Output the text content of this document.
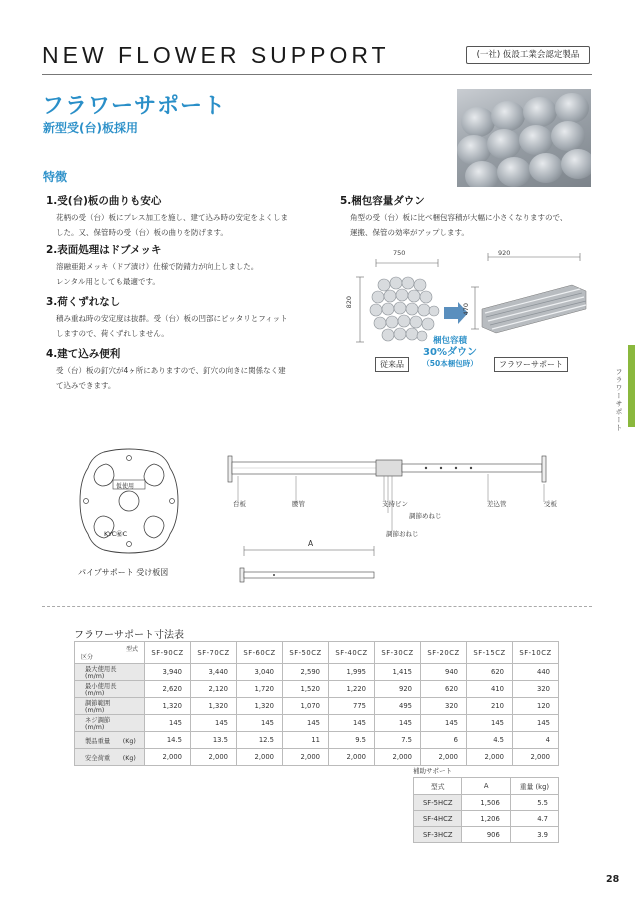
NEW FLOWER SUPPORT	(一社) 仮設工業会認定製品
フラワーサポート
新型受(台)板採用
特徴
1.受(台)板の曲りも安心
花柄の受（台）板にプレス加工を施し、建て込み時の安定をよくしま
した。又、保管時の受（台）板の曲りを防げます。
2.表面処理はドブメッキ
溶融亜鉛メッキ（ドブ漬け）仕様で防錆力が向上しました。
レンタル用としても最適です。
3.荷くずれなし
積み重ね時の安定度は抜群。受（台）板の凹部にピッタリとフィット
しますので、荷くずれしません。
4.建て込み便利
受（台）板の釘穴が4ヶ所にありますので、釘穴の向きに関係なく建
て込みできます。
5.梱包容量ダウン
角型の受（台）板に比べ梱包容積が大幅に小さくなりますので、
運搬、保管の効率がアップします。
750
820
920
470
従来品	フラワーサポート
梱包容積
30%ダウン
（50本梱包時）
フラワーサポート
仮使用
KYC㊙C
パイプサポート 受け板図
台板	腰管	支持ピン
調節めねじ
調節おねじ
差込管	受板
A
フラワーサポート寸法表
型式
区分	SF-90CZ	SF-70CZ	SF-60CZ	SF-50CZ	SF-40CZ	SF-30CZ	SF-20CZ	SF-15CZ	SF-10CZ
最大使用長　(m/m)	3,940	3,440	3,040	2,590	1,995	1,415	940	620	440
最小使用長　(m/m)	2,620	2,120	1,720	1,520	1,220	920	620	410	320
調節範囲　　(m/m)	1,320	1,320	1,320	1,070	775	495	320	210	120
ネジ調節　　(m/m)	145	145	145	145	145	145	145	145	145
製品重量　　(Kg)	14.5	13.5	12.5	11	9.5	7.5	6	4.5	4
安全荷重　　(Kg)	2,000	2,000	2,000	2,000	2,000	2,000	2,000	2,000	2,000
補助サポート
型式	A	重量 (kg)
SF-5HCZ	1,506	5.5
SF-4HCZ	1,206	4.7
SF-3HCZ	906	3.9
28
